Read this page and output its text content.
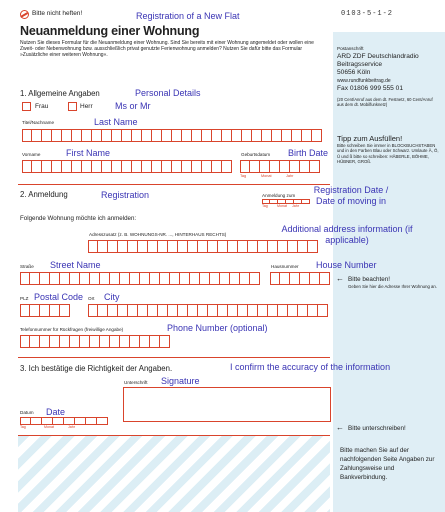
0103-5-1-2
Bitte nicht heften!	Registration of a New Flat
Neuanmeldung einer Wohnung
Nutzen Sie dieses Formular für die Neuanmeldung einer Wohnung. Sind Sie bereits mit einer Wohnung angemeldet oder wollen eine Zweit- oder Nebenwohnung bzw. ausschließlich privat genutzte Ferienwohnung anmelden? Nutzen Sie dafür bitte das Formular »Zusätzliche einer weiteren Wohnung«.
1. Allgemeine Angaben	Personal Details
Frau	Herr Ms or Mr
Titel/Nachname	Last Name
Vorname	First Name	Geburtsdatum Birth Date
Tag	Monat	Jahr
2. Anmeldung	Registration	Anmeldung zum
Registration Date / Date of moving in
Tag	Monat Jahr
Folgende Wohnung möchte ich anmelden:
Adresszusatz (z. B. WOHNUNGS-NR. ..., HINTERHAUS RECHTS)
Additional address information (if applicable)
Straße Street Name	Hausnummer House Number
PLZ Postal Code Ort City
Telefonnummer für Rückfragen (freiwillige Angabe)	Phone Number (optional)
3. Ich bestätige die Richtigkeit der Angaben.	I confirm the accuracy of the information
Unterschrift Signature
Datum Date
Tag	Monat	Jahr
Postanschrift
ARD ZDF Deutschlandradio
Beitragsservice
50656 Köln
www.rundfunkbeitrag.de
Fax 01806 999 555 01
(20 Cent/Anruf aus dem dt. Festnetz, 60 Cent/Anruf aus dem dt. Mobilfunknetz)
Tipp zum Ausfüllen!
Bitte schreiben Sie immer in BLOCKBUCHSTABEN und in den Farben Blau oder Schwarz. Umlaute Ä, Ö, Ü und ß bitte so schreiben: HÄBERLE, BÖHME, HÜBNER, GROß.
← Bitte beachten!
Geben Sie hier die Adresse Ihrer Wohnung an.
← Bitte unterschreiben!
Bitte machen Sie auf der nachfolgenden Seite Angaben zur Zahlungsweise und Bankverbindung.
